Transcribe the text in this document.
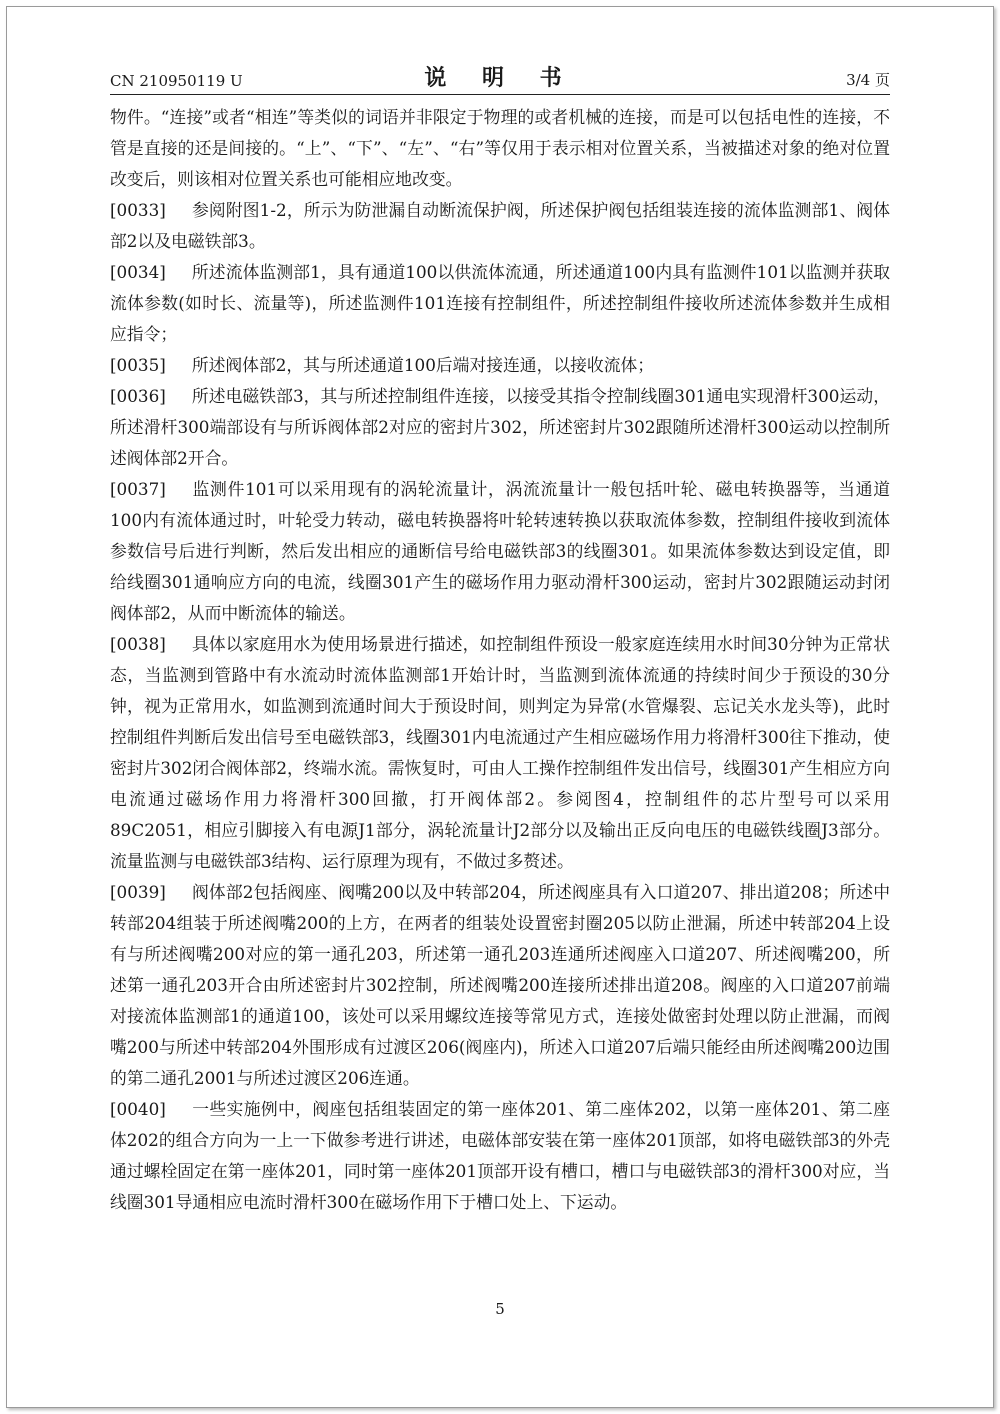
CN 210950119 U	说 明 书	3/4 页

物件。“连接”或者“相连”等类似的词语并非限定于物理的或者机械的连接，而是可以包括电性的连接，不管是直接的还是间接的。“上”、“下”、“左”、“右”等仅用于表示相对位置关系，当被描述对象的绝对位置改变后，则该相对位置关系也可能相应地改变。

[0033] 参阅附图1-2，所示为防泄漏自动断流保护阀，所述保护阀包括组装连接的流体监测部1、阀体部2以及电磁铁部3。

[0034] 所述流体监测部1，具有通道100以供流体流通，所述通道100内具有监测件101以监测并获取流体参数(如时长、流量等)，所述监测件101连接有控制组件，所述控制组件接收所述流体参数并生成相应指令；

[0035] 所述阀体部2，其与所述通道100后端对接连通，以接收流体；

[0036] 所述电磁铁部3，其与所述控制组件连接，以接受其指令控制线圈301通电实现滑杆300运动，所述滑杆300端部设有与所诉阀体部2对应的密封片302，所述密封片302跟随所述滑杆300运动以控制所述阀体部2开合。

[0037] 监测件101可以采用现有的涡轮流量计，涡流流量计一般包括叶轮、磁电转换器等，当通道100内有流体通过时，叶轮受力转动，磁电转换器将叶轮转速转换以获取流体参数，控制组件接收到流体参数信号后进行判断，然后发出相应的通断信号给电磁铁部3的线圈301。如果流体参数达到设定值，即给线圈301通响应方向的电流，线圈301产生的磁场作用力驱动滑杆300运动，密封片302跟随运动封闭阀体部2，从而中断流体的输送。

[0038] 具体以家庭用水为使用场景进行描述，如控制组件预设一般家庭连续用水时间30分钟为正常状态，当监测到管路中有水流动时流体监测部1开始计时，当监测到流体流通的持续时间少于预设的30分钟，视为正常用水，如监测到流通时间大于预设时间，则判定为异常(水管爆裂、忘记关水龙头等)，此时控制组件判断后发出信号至电磁铁部3，线圈301内电流通过产生相应磁场作用力将滑杆300往下推动，使密封片302闭合阀体部2，终端水流。需恢复时，可由人工操作控制组件发出信号，线圈301产生相应方向电流通过磁场作用力将滑杆300回撤，打开阀体部2。参阅图4，控制组件的芯片型号可以采用89C2051，相应引脚接入有电源J1部分，涡轮流量计J2部分以及输出正反向电压的电磁铁线圈J3部分。流量监测与电磁铁部3结构、运行原理为现有，不做过多赘述。

[0039] 阀体部2包括阀座、阀嘴200以及中转部204，所述阀座具有入口道207、排出道208；所述中转部204组装于所述阀嘴200的上方，在两者的组装处设置密封圈205以防止泄漏，所述中转部204上设有与所述阀嘴200对应的第一通孔203，所述第一通孔203连通所述阀座入口道207、所述阀嘴200，所述第一通孔203开合由所述密封片302控制，所述阀嘴200连接所述排出道208。阀座的入口道207前端对接流体监测部1的通道100，该处可以采用螺纹连接等常见方式，连接处做密封处理以防止泄漏，而阀嘴200与所述中转部204外围形成有过渡区206(阀座内)，所述入口道207后端只能经由所述阀嘴200边围的第二通孔2001与所述过渡区206连通。

[0040] 一些实施例中，阀座包括组装固定的第一座体201、第二座体202，以第一座体201、第二座体202的组合方向为一上一下做参考进行讲述，电磁体部安装在第一座体201顶部，如将电磁铁部3的外壳通过螺栓固定在第一座体201，同时第一座体201顶部开设有槽口，槽口与电磁铁部3的滑杆300对应，当线圈301导通相应电流时滑杆300在磁场作用下于槽口处上、下运动。

5
